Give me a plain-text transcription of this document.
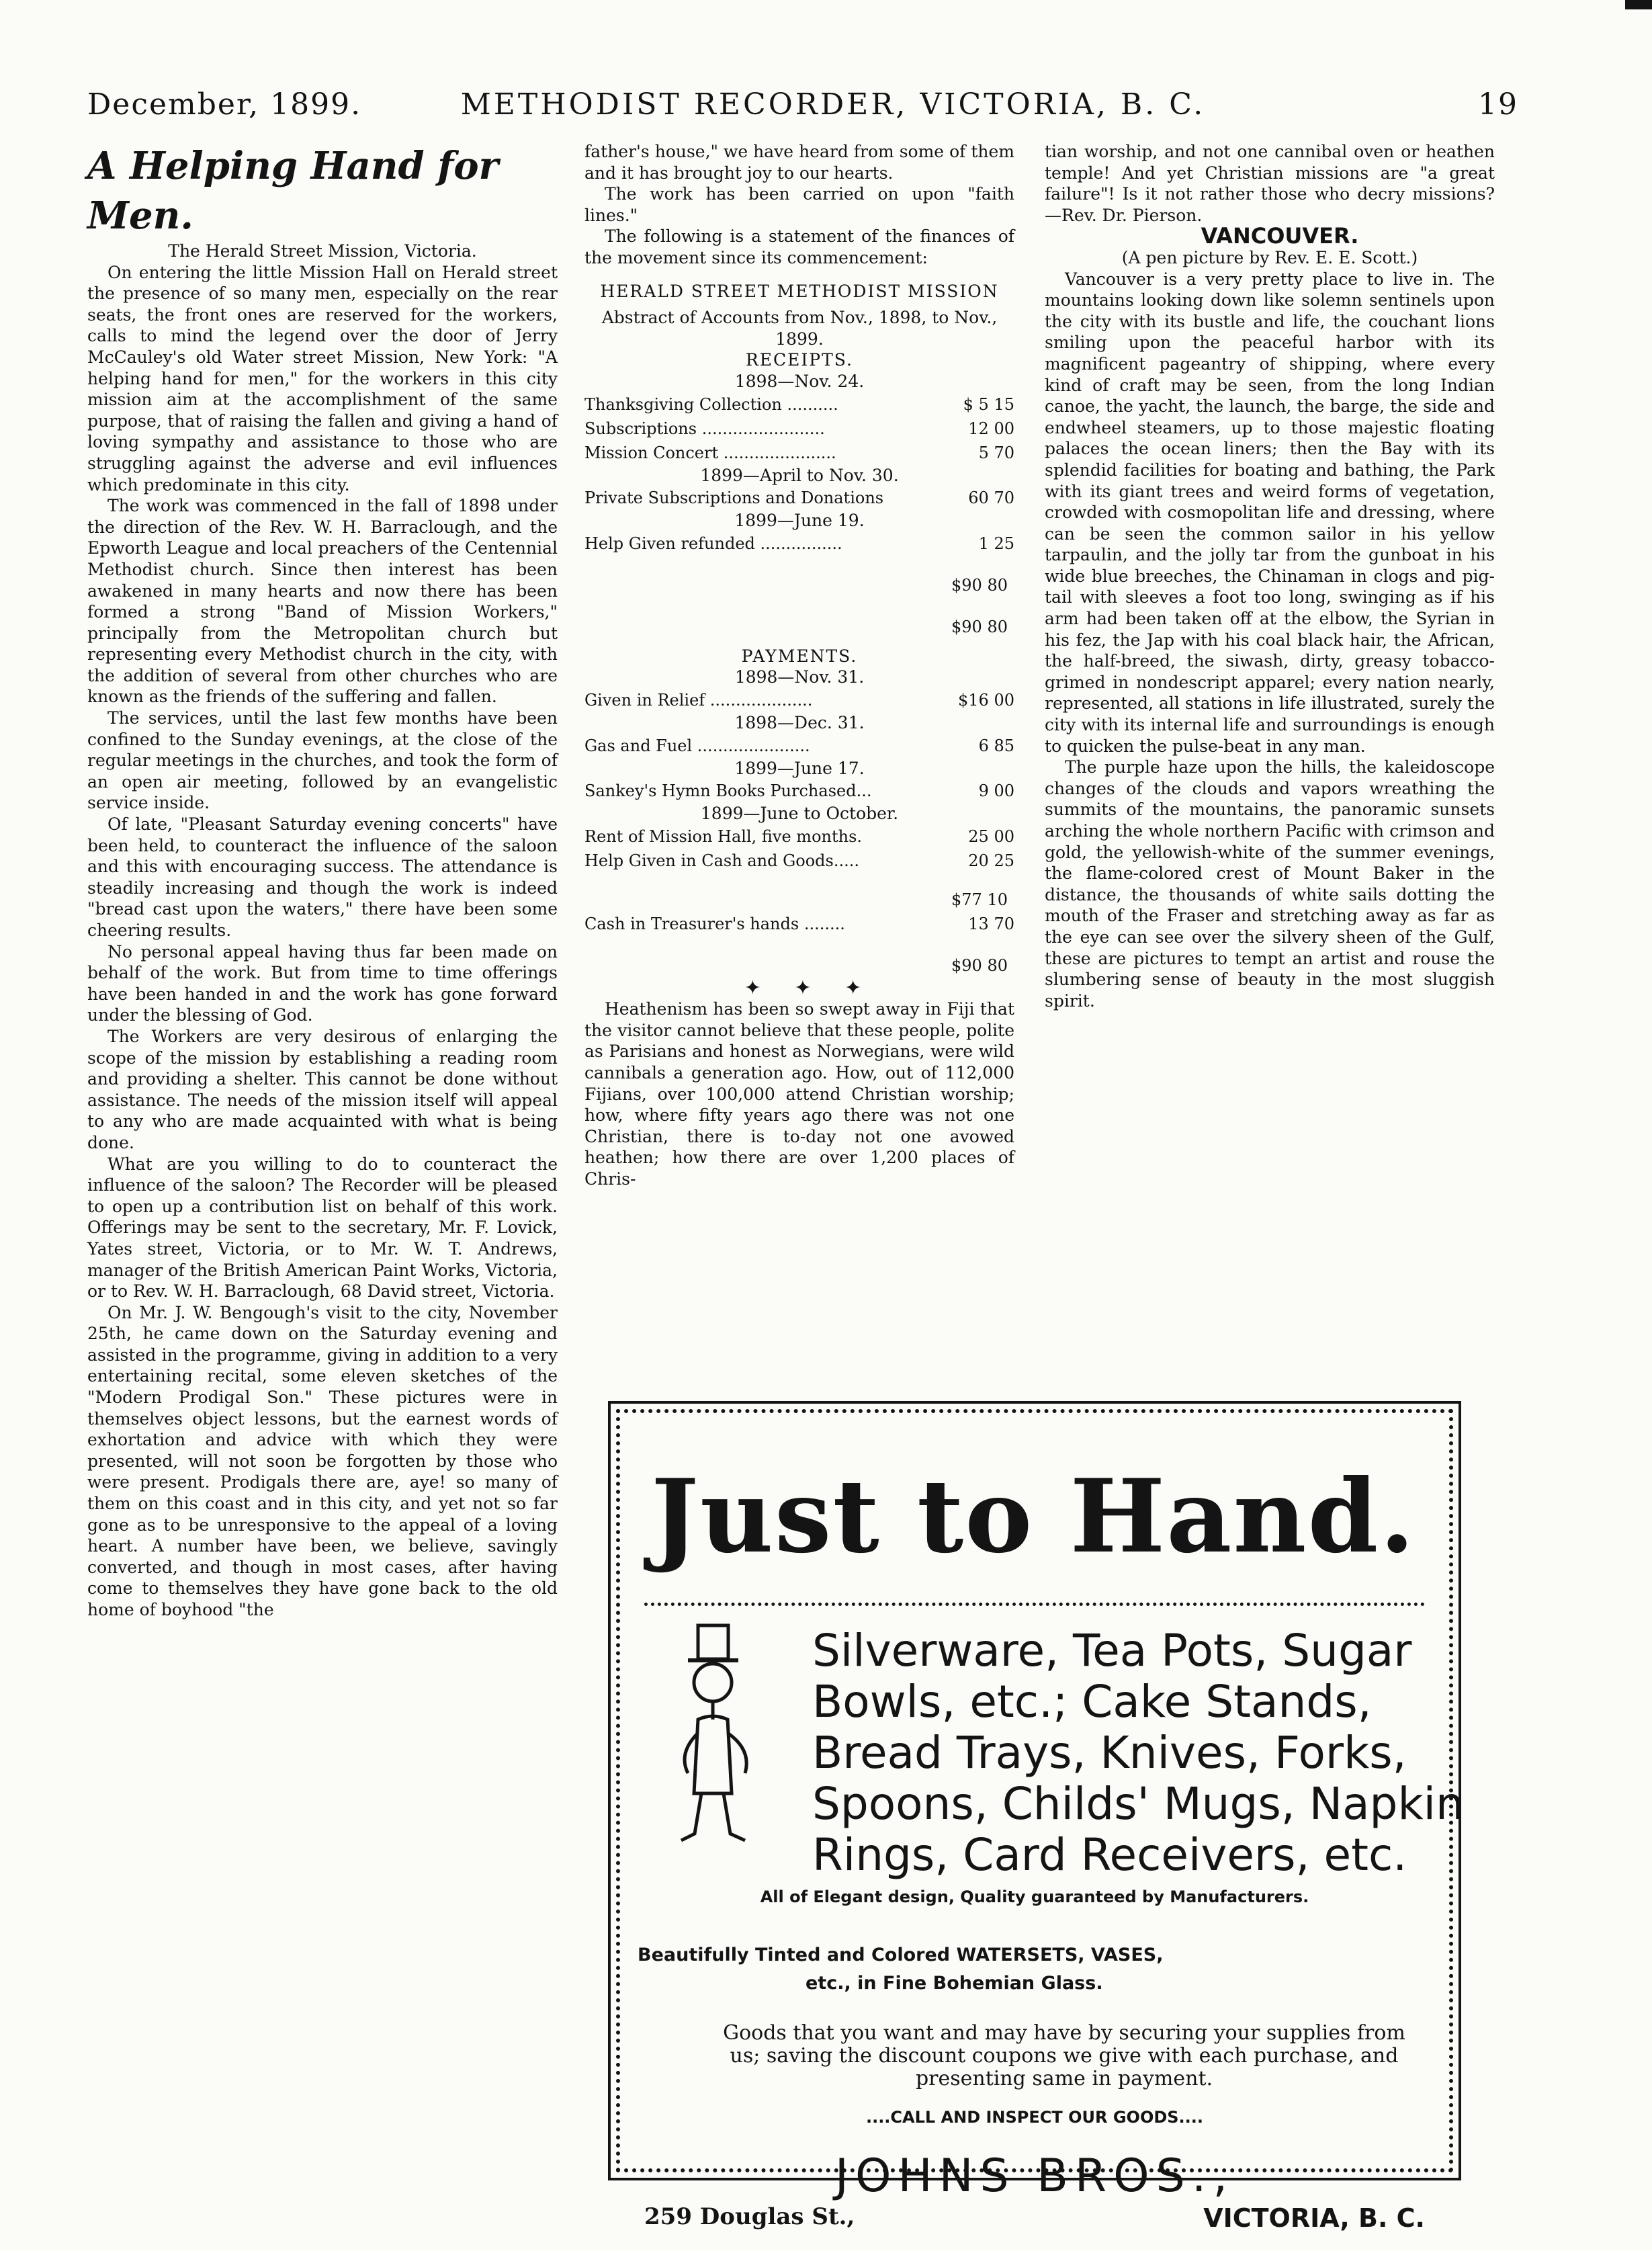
December, 1899.	METHODIST RECORDER, VICTORIA, B. C.	19

A Helping Hand for Men.

The Herald Street Mission, Victoria.

On entering the little Mission Hall on Herald street the presence of so many men, especially on the rear seats, the front ones are reserved for the workers, calls to mind the legend over the door of Jerry McCauley's old Water street Mission, New York: "A helping hand for men," for the workers in this city mission aim at the accomplishment of the same purpose, that of raising the fallen and giving a hand of loving sympathy and assistance to those who are struggling against the adverse and evil influences which predominate in this city.

The work was commenced in the fall of 1898 under the direction of the Rev. W. H. Barraclough, and the Epworth League and local preachers of the Centennial Methodist church. Since then interest has been awakened in many hearts and now there has been formed a strong "Band of Mission Workers," principally from the Metropolitan church but representing every Methodist church in the city, with the addition of several from other churches who are known as the friends of the suffering and fallen.

The services, until the last few months have been confined to the Sunday evenings, at the close of the regular meetings in the churches, and took the form of an open air meeting, followed by an evangelistic service inside.

Of late, "Pleasant Saturday evening concerts" have been held, to counteract the influence of the saloon and this with encouraging success. The attendance is steadily increasing and though the work is indeed "bread cast upon the waters," there have been some cheering results.

No personal appeal having thus far been made on behalf of the work. But from time to time offerings have been handed in and the work has gone forward under the blessing of God.

The Workers are very desirous of enlarging the scope of the mission by establishing a reading room and providing a shelter. This cannot be done without assistance. The needs of the mission itself will appeal to any who are made acquainted with what is being done.

What are you willing to do to counteract the influence of the saloon? The Recorder will be pleased to open up a contribution list on behalf of this work. Offerings may be sent to the secretary, Mr. F. Lovick, Yates street, Victoria, or to Mr. W. T. Andrews, manager of the British American Paint Works, Victoria, or to Rev. W. H. Barraclough, 68 David street, Victoria.

On Mr. J. W. Bengough's visit to the city, November 25th, he came down on the Saturday evening and assisted in the programme, giving in addition to a very entertaining recital, some eleven sketches of the "Modern Prodigal Son." These pictures were in themselves object lessons, but the earnest words of exhortation and advice with which they were presented, will not soon be forgotten by those who were present. Prodigals there are, aye! so many of them on this coast and in this city, and yet not so far gone as to be unresponsive to the appeal of a loving heart. A number have been, we believe, savingly converted, and though in most cases, after having come to themselves they have gone back to the old home of boyhood "the

father's house," we have heard from some of them and it has brought joy to our hearts.

The work has been carried on upon "faith lines."

The following is a statement of the finances of the movement since its commencement:

HERALD STREET METHODIST MISSION

Abstract of Accounts from Nov., 1898, to Nov., 1899.

RECEIPTS.

1898—Nov. 24.

Thanksgiving Collection ..........	$ 5 15
Subscriptions ........................	12 00
Mission Concert ......................	5 70

1899—April to Nov. 30.

Private Subscriptions and Donations	60 70

1899—June 19.

Help Given refunded ................	1 25

$90 80

$90 80

PAYMENTS.

1898—Nov. 31.

Given in Relief ....................	$16 00

1898—Dec. 31.

Gas and Fuel ......................	6 85

1899—June 17.

Sankey's Hymn Books Purchased...	9 00

1899—June to October.

Rent of Mission Hall, five months.	25 00
Help Given in Cash and Goods.....	20 25

$77 10

Cash in Treasurer's hands ........	13 70

$90 80

✦ ✦ ✦

Heathenism has been so swept away in Fiji that the visitor cannot believe that these people, polite as Parisians and honest as Norwegians, were wild cannibals a generation ago. How, out of 112,000 Fijians, over 100,000 attend Christian worship; how, where fifty years ago there was not one Christian, there is to-day not one avowed heathen; how there are over 1,200 places of Chris-

tian worship, and not one cannibal oven or heathen temple! And yet Christian missions are "a great failure"! Is it not rather those who decry missions? —Rev. Dr. Pierson.

VANCOUVER.

(A pen picture by Rev. E. E. Scott.)

Vancouver is a very pretty place to live in. The mountains looking down like solemn sentinels upon the city with its bustle and life, the couchant lions smiling upon the peaceful harbor with its magnificent pageantry of shipping, where every kind of craft may be seen, from the long Indian canoe, the yacht, the launch, the barge, the side and endwheel steamers, up to those majestic floating palaces the ocean liners; then the Bay with its splendid facilities for boating and bathing, the Park with its giant trees and weird forms of vegetation, crowded with cosmopolitan life and dressing, where can be seen the common sailor in his yellow tarpaulin, and the jolly tar from the gunboat in his wide blue breeches, the Chinaman in clogs and pig-tail with sleeves a foot too long, swinging as if his arm had been taken off at the elbow, the Syrian in his fez, the Jap with his coal black hair, the African, the half-breed, the siwash, dirty, greasy tobacco-grimed in nondescript apparel; every nation nearly, represented, all stations in life illustrated, surely the city with its internal life and surroundings is enough to quicken the pulse-beat in any man.

The purple haze upon the hills, the kaleidoscope changes of the clouds and vapors wreathing the summits of the mountains, the panoramic sunsets arching the whole northern Pacific with crimson and gold, the yellowish-white of the summer evenings, the flame-colored crest of Mount Baker in the distance, the thousands of white sails dotting the mouth of the Fraser and stretching away as far as the eye can see over the silvery sheen of the Gulf, these are pictures to tempt an artist and rouse the slumbering sense of beauty in the most sluggish spirit.

Just to Hand.
Silverware, Tea Pots, Sugar
Bowls, etc.; Cake Stands,
Bread Trays, Knives, Forks,
Spoons, Childs' Mugs, Napkin
Rings, Card Receivers, etc.
All of Elegant design, Quality guaranteed by Manufacturers.
Beautifully Tinted and Colored WATERSETS, VASES,
etc., in Fine Bohemian Glass.
Goods that you want and may have by securing your supplies from us; saving the discount coupons we give with each purchase, and presenting same in payment.
....CALL AND INSPECT OUR GOODS....
JOHNS BROS.,
259 Douglas St.,	VICTORIA, B. C.
